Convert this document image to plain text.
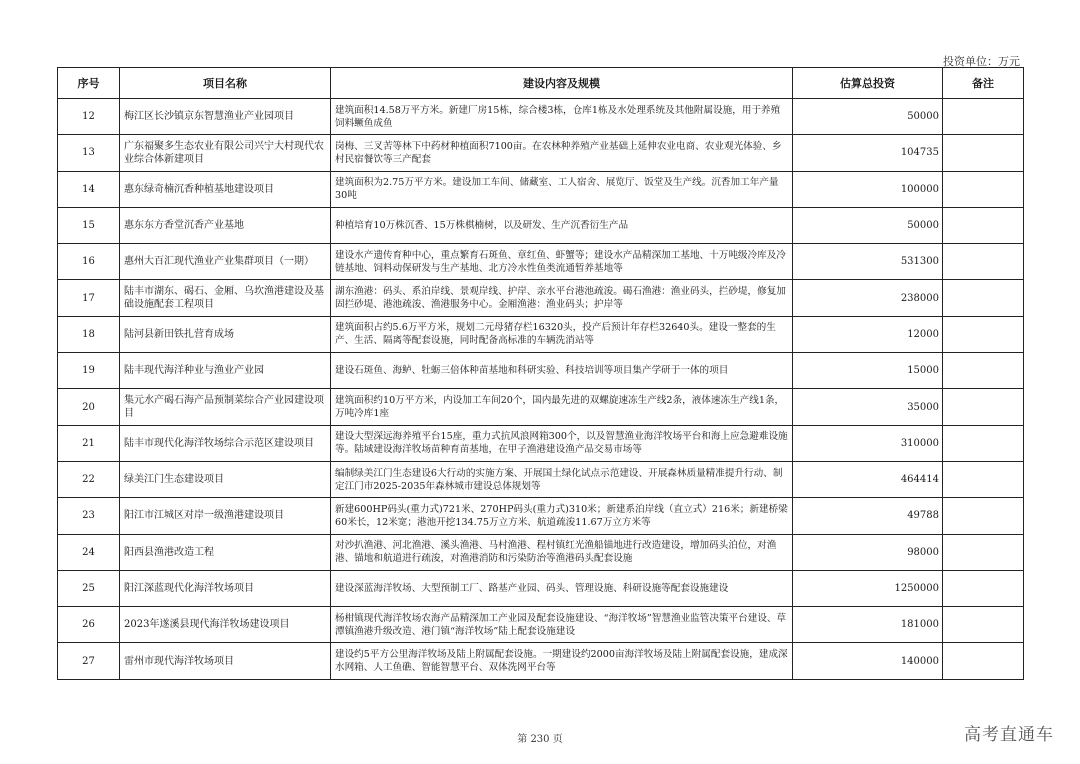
投资单位：万元
序号	项目名称	建设内容及规模	估算总投资	备注
12	梅江区长沙镇京东智慧渔业产业园项目	建筑面积14.58万平方米。新建厂房15栋，综合楼3栋，仓库1栋及水处理系统及其他附属设施，用于养殖饲料鳜鱼成鱼	50000	
13	广东福聚多生态农业有限公司兴宁大村现代农业综合体新建项目	岗梅、三叉苦等林下中药材种植面积7100亩。在农林种养殖产业基础上延伸农业电商、农业观光体验、乡村民宿餐饮等三产配套	104735	
14	惠东绿奇楠沉香种植基地建设项目	建筑面积为2.75万平方米。建设加工车间、储藏室、工人宿舍、展览厅、饭堂及生产线。沉香加工年产量30吨	100000	
15	惠东东方香堂沉香产业基地	种植培育10万株沉香、15万株棋楠树，以及研发、生产沉香衍生产品	50000	
16	惠州大百汇现代渔业产业集群项目（一期）	建设水产遗传育种中心，重点繁育石斑鱼、章红鱼、虾蟹等；建设水产品精深加工基地、十万吨级冷库及冷链基地、饲料动保研发与生产基地、北方冷水性鱼类流通暂养基地等	531300	
17	陆丰市湖东、碣石、金厢、乌坎渔港建设及基础设施配套工程项目	湖东渔港：码头、系泊岸线、景观岸线、护岸、亲水平台港池疏浚。碣石渔港：渔业码头，拦砂堤，修复加固拦砂堤、港池疏浚、渔港服务中心。金厢渔港：渔业码头；护岸等	238000	
18	陆河县新田铁扎营育成场	建筑面积占约5.6万平方米，规划二元母猪存栏16320头，投产后预计年存栏32640头。建设一整套的生产、生活、隔离等配套设施，同时配备高标准的车辆洗消站等	12000	
19	陆丰现代海洋种业与渔业产业园	建设石斑鱼、海鲈、牡蛎三倍体种苗基地和科研实验、科技培训等项目集产学研于一体的项目	15000	
20	集元水产碣石海产品预制菜综合产业园建设项目	建筑面积约10万平方米，内设加工车间20个，国内最先进的双螺旋速冻生产线2条，液体速冻生产线1条，万吨冷库1座	35000	
21	陆丰市现代化海洋牧场综合示范区建设项目	建设大型深远海养殖平台15座，重力式抗风浪网箱300个，以及智慧渔业海洋牧场平台和海上应急避难设施等。陆域建设海洋牧场苗种育苗基地，在甲子渔港建设渔产品交易市场等	310000	
22	绿美江门生态建设项目	编制绿美江门生态建设6大行动的实施方案、开展国土绿化试点示范建设、开展森林质量精准提升行动、制定江门市2025-2035年森林城市建设总体规划等	464414	
23	阳江市江城区对岸一级渔港建设项目	新建600HP码头(重力式)721米、270HP码头(重力式)310米；新建系泊岸线（直立式）216米；新建桥梁60米长，12米宽；港池开挖134.75万立方米、航道疏浚11.67万立方米等	49788	
24	阳西县渔港改造工程	对沙扒渔港、河北渔港、溪头渔港、马村渔港、程村镇红光渔船锚地进行改造建设，增加码头泊位，对渔港、锚地和航道进行疏浚，对渔港消防和污染防治等渔港码头配套设施	98000	
25	阳江深蓝现代化海洋牧场项目	建设深蓝海洋牧场、大型预制工厂、路基产业园、码头、管理设施、科研设施等配套设施建设	1250000	
26	2023年遂溪县现代海洋牧场建设项目	杨柑镇现代海洋牧场农海产品精深加工产业园及配套设施建设、“海洋牧场”智慧渔业监管决策平台建设、草潭镇渔港升级改造、港门镇“海洋牧场”陆上配套设施建设	181000	
27	雷州市现代海洋牧场项目	建设约5平方公里海洋牧场及陆上附属配套设施。一期建设约2000亩海洋牧场及陆上附属配套设施，建成深水网箱、人工鱼礁、智能智慧平台、双体洗网平台等	140000	
第 230 页	高考直通车
